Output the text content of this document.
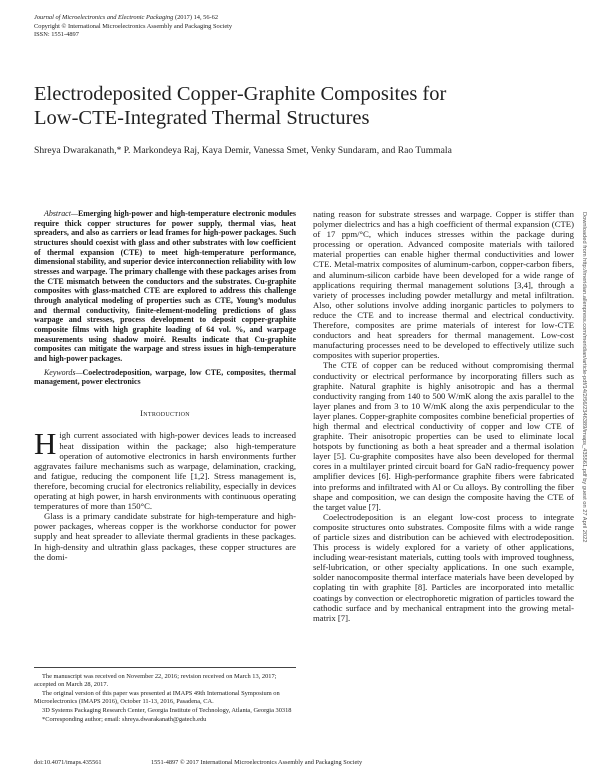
Journal of Microelectronics and Electronic Packaging (2017) 14, 56-62
Copyright © International Microelectronics Assembly and Packaging Society
ISSN: 1551-4897
Electrodeposited Copper-Graphite Composites for
Low-CTE-Integrated Thermal Structures
Shreya Dwarakanath,* P. Markondeya Raj, Kaya Demir, Vanessa Smet, Venky Sundaram, and Rao Tummala

Abstract—Emerging high-power and high-temperature electronic modules require thick copper structures for power supply, thermal vias, heat spreaders, and also as carriers or lead frames for high-power packages. Such structures should coexist with glass and other substrates with low coefficient of thermal expansion (CTE) to meet high-temperature performance, dimensional stability, and superior device interconnection reliability with low stresses and warpage. The primary challenge with these packages arises from the CTE mismatch between the conductors and the substrates. Cu-graphite composites with glass-matched CTE are explored to address this challenge through analytical modeling of properties such as CTE, Young’s modulus and thermal conductivity, finite-element-modeling predictions of glass warpage and stresses, process development to deposit copper-graphite composite films with high graphite loading of 64 vol. %, and warpage measurements using shadow moiré. Results indicate that Cu-graphite composites can mitigate the warpage and stress issues in high-temperature and high-power packages.

Keywords—Coelectrodeposition, warpage, low CTE, composites, thermal management, power electronics

Introduction

High current associated with high-power devices leads to increased heat dissipation within the package; also high-temperature operation of automotive electronics in harsh environments further aggravates failure mechanisms such as warpage, delamination, cracking, and fatigue, reducing the component life [1,2]. Stress management is, therefore, becoming crucial for electronics reliability, especially in devices operating at high power, in harsh environments with continuous operating temperatures of more than 150°C.

Glass is a primary candidate substrate for high-temperature and high-power packages, whereas copper is the workhorse conductor for power supply and heat spreader to alleviate thermal gradients in these packages. In high-density and ultrathin glass packages, these copper structures are the domi-

The manuscript was received on November 22, 2016; revision received on March 13, 2017; accepted on March 28, 2017.

The original version of this paper was presented at IMAPS 49th International Symposium on Microelectronics (IMAPS 2016), October 11-13, 2016, Pasadena, CA.

3D Systems Packaging Research Center, Georgia Institute of Technology, Atlanta, Georgia 30318

*Corresponding author; email: shreya.dwarakanath@gatech.edu

nating reason for substrate stresses and warpage. Copper is stiffer than polymer dielectrics and has a high coefficient of thermal expansion (CTE) of 17 ppm/°C, which induces stresses within the package during processing or operation. Advanced composite materials with tailored material properties can enable higher thermal conductivities and lower CTE. Metal-matrix composites of aluminum-carbon, copper-carbon fibers, and aluminum-silicon carbide have been developed for a wide range of applications requiring thermal management solutions [3,4], through a variety of processes including powder metallurgy and metal infiltration. Also, other solutions involve adding inorganic particles to polymers to reduce the CTE and to increase thermal and electrical conductivity. Therefore, composites are prime materials of interest for low-CTE conductors and heat spreaders for thermal management. Low-cost manufacturing processes need to be developed to effectively utilize such composites with superior properties.

The CTE of copper can be reduced without compromising thermal conductivity or electrical performance by incorporating fillers such as graphite. Natural graphite is highly anisotropic and has a thermal conductivity ranging from 140 to 500 W/mK along the axis parallel to the layer planes and from 3 to 10 W/mK along the axis perpendicular to the layer planes. Copper-graphite composites combine beneficial properties of high thermal and electrical conductivity of copper and low CTE of graphite. Their anisotropic properties can be used to eliminate local hotspots by functioning as both a heat spreader and a thermal isolation layer [5]. Cu-graphite composites have also been developed for thermal cores in a multilayer printed circuit board for GaN radio-frequency power amplifier devices [6]. High-performance graphite fibers were fabricated into preforms and infiltrated with Al or Cu alloys. By controlling the fiber shape and composition, we can design the composite having the CTE of the target value [7].

Coelectrodeposition is an elegant low-cost process to integrate composite structures onto substrates. Composite films with a wide range of particle sizes and distribution can be achieved with electrodeposition. This process is widely explored for a variety of other applications, including wear-resistant materials, cutting tools with improved toughness, self-lubrication, or other specialty applications. In one such example, solder nanocomposite thermal interface materials have been developed by coplating tin with graphite [8]. Particles are incorporated into metallic coatings by convection or electrophoretic migration of particles toward the cathodic surface and by mechanical entrapment into the growing metal-matrix [7].

doi:10.4071/imaps.435561	1551-4897 © 2017 International Microelectronics Assembly and Packaging Society
Downloaded from http://meridian.allenpress.com/meridian/article-pdf/14/2/56/2346389/imaps_435561.pdf by guest on 27 April 2022
